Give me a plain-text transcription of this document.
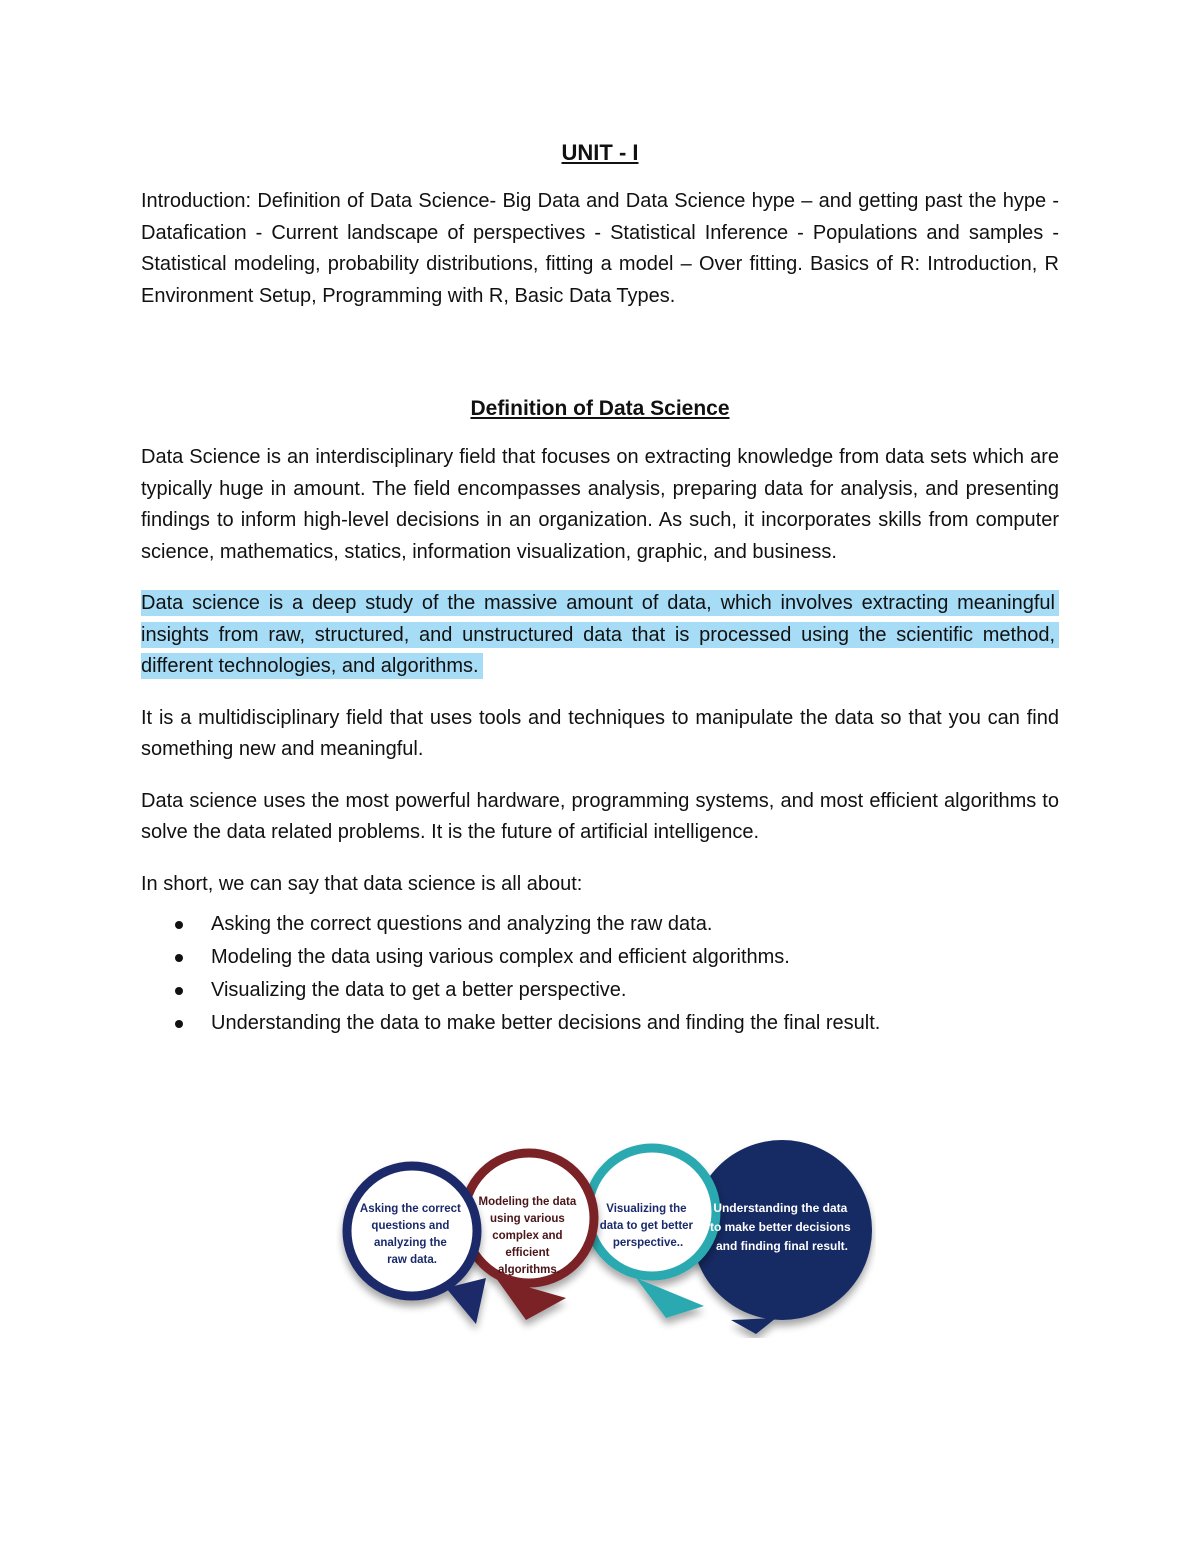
UNIT - I

Introduction: Definition of Data Science- Big Data and Data Science hype – and getting past the hype - Datafication - Current landscape of perspectives - Statistical Inference - Populations and samples - Statistical modeling, probability distributions, fitting a model – Over fitting. Basics of R: Introduction, R Environment Setup, Programming with R, Basic Data Types.

Definition of Data Science

Data Science is an interdisciplinary field that focuses on extracting knowledge from data sets which are typically huge in amount. The field encompasses analysis, preparing data for analysis, and presenting findings to inform high-level decisions in an organization. As such, it incorporates skills from computer science, mathematics, statics, information visualization, graphic, and business.

Data science is a deep study of the massive amount of data, which involves extracting meaningful insights from raw, structured, and unstructured data that is processed using the scientific method, different technologies, and algorithms.

It is a multidisciplinary field that uses tools and techniques to manipulate the data so that you can find something new and meaningful.

Data science uses the most powerful hardware, programming systems, and most efficient algorithms to solve the data related problems. It is the future of artificial intelligence.

In short, we can say that data science is all about:

Asking the correct questions and analyzing the raw data.
Modeling the data using various complex and efficient algorithms.
Visualizing the data to get a better perspective.
Understanding the data to make better decisions and finding the final result.
Asking the correct questions and analyzing the raw data.
Modeling the data using various complex and efficient algorithms.
Visualizing the data to get better perspective..
Understanding the data to make better decisions and finding final result.
